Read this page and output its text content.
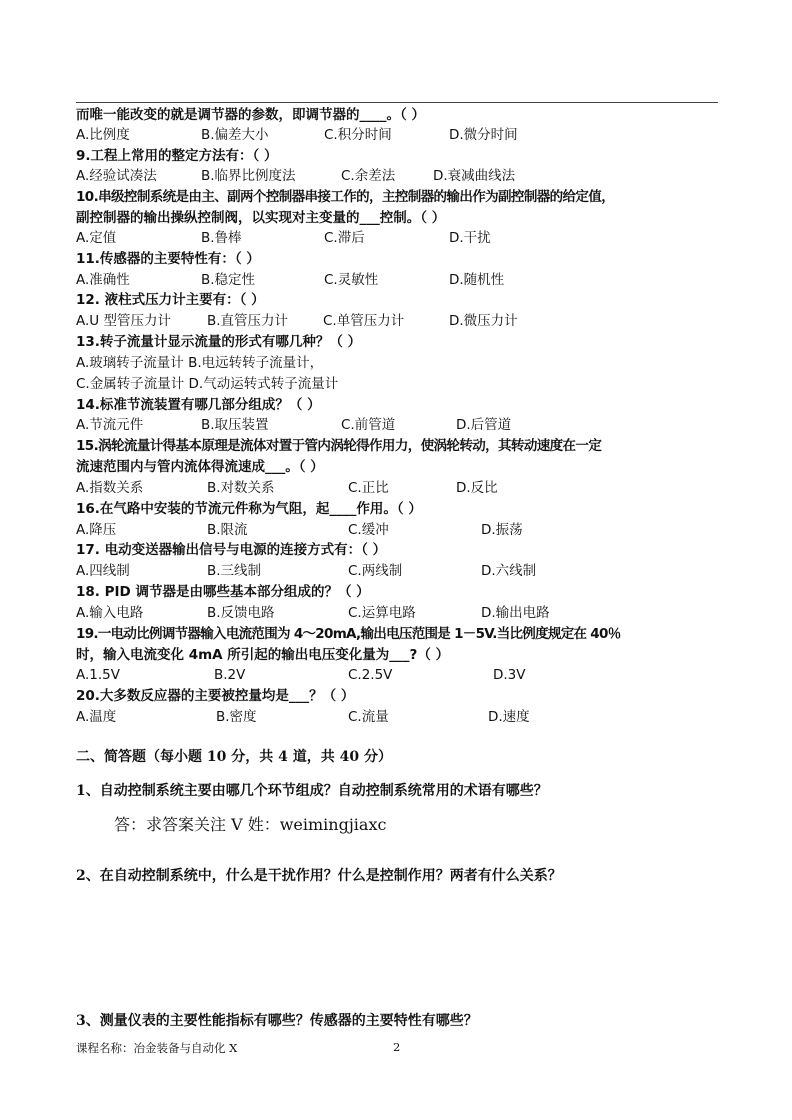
而唯一能改变的就是调节器的参数，即调节器的____。（ ）
A.比例度	B.偏差大小	C.积分时间	D.微分时间
9.工程上常用的整定方法有：（ ）
A.经验试凑法	B.临界比例度法	C.余差法	D.衰减曲线法
10.串级控制系统是由主、副两个控制器串接工作的，主控制器的输出作为副控制器的给定值，
副控制器的输出操纵控制阀，以实现对主变量的___控制。（ ）
A.定值	B.鲁棒	C.滞后	D.干扰
11.传感器的主要特性有：（ ）
A.准确性	B.稳定性	C.灵敏性	D.随机性
12. 液柱式压力计主要有：（ ）
A.U 型管压力计	B.直管压力计	C.单管压力计	D.微压力计
13.转子流量计显示流量的形式有哪几种？（ ）
A.玻璃转子流量计 B.电远转转子流量计，
C.金属转子流量计 D.气动运转式转子流量计
14.标准节流装置有哪几部分组成？（ ）
A.节流元件	B.取压装置	C.前管道	D.后管道
15.涡轮流量计得基本原理是流体对置于管内涡轮得作用力，使涡轮转动，其转动速度在一定
流速范围内与管内流体得流速成___。（ ）
A.指数关系	B.对数关系	C.正比	D.反比
16.在气路中安装的节流元件称为气阻，起____作用。（ ）
A.降压	B.限流	C.缓冲	D.振荡
17. 电动变送器输出信号与电源的连接方式有：（ ）
A.四线制	B.三线制	C.两线制	D.六线制
18. PID 调节器是由哪些基本部分组成的？（ ）
A.输入电路	B.反馈电路	C.运算电路	D.输出电路
19.一电动比例调节器输入电流范围为 4～20mA,输出电压范围是 1－5V.当比例度规定在 40％
时，输入电流变化 4mA 所引起的输出电压变化量为___?（ ）
A.1.5V	B.2V	C.2.5V	D.3V
20.大多数反应器的主要被控量均是___？（ ）
A.温度	B.密度	C.流量	D.速度
二、简答题（每小题 10 分，共 4 道，共 40 分）
1、自动控制系统主要由哪几个环节组成？自动控制系统常用的术语有哪些？
答：求答案关注 V 姓：weimingjiaxc
2、在自动控制系统中，什么是干扰作用？什么是控制作用？两者有什么关系？
3、测量仪表的主要性能指标有哪些？传感器的主要特性有哪些？
课程名称：冶金装备与自动化 X	2
